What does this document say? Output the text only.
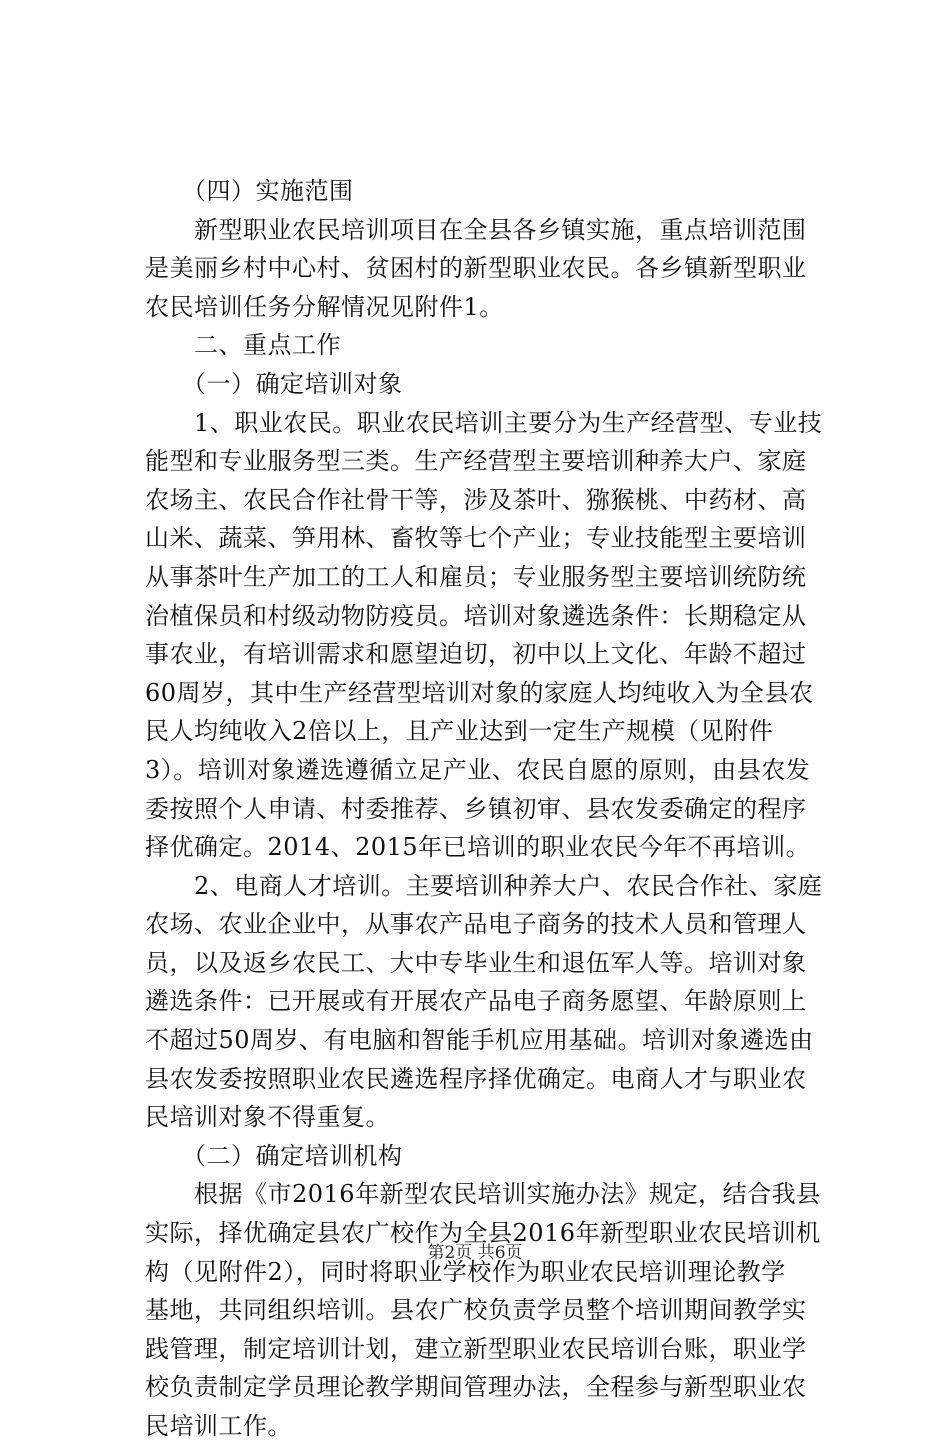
　　（四）实施范围
　　新型职业农民培训项目在全县各乡镇实施，重点培训范围
是美丽乡村中心村、贫困村的新型职业农民。各乡镇新型职业
农民培训任务分解情况见附件1。
　　二、重点工作
　　（一）确定培训对象
　　1、职业农民。职业农民培训主要分为生产经营型、专业技
能型和专业服务型三类。生产经营型主要培训种养大户、家庭
农场主、农民合作社骨干等，涉及茶叶、猕猴桃、中药材、高
山米、蔬菜、笋用林、畜牧等七个产业；专业技能型主要培训
从事茶叶生产加工的工人和雇员；专业服务型主要培训统防统
治植保员和村级动物防疫员。培训对象遴选条件：长期稳定从
事农业，有培训需求和愿望迫切，初中以上文化、年龄不超过
60周岁，其中生产经营型培训对象的家庭人均纯收入为全县农
民人均纯收入2倍以上，且产业达到一定生产规模（见附件
3）。培训对象遴选遵循立足产业、农民自愿的原则，由县农发
委按照个人申请、村委推荐、乡镇初审、县农发委确定的程序
择优确定。2014、2015年已培训的职业农民今年不再培训。
　　2、电商人才培训。主要培训种养大户、农民合作社、家庭
农场、农业企业中，从事农产品电子商务的技术人员和管理人
员，以及返乡农民工、大中专毕业生和退伍军人等。培训对象
遴选条件：已开展或有开展农产品电子商务愿望、年龄原则上
不超过50周岁、有电脑和智能手机应用基础。培训对象遴选由
县农发委按照职业农民遴选程序择优确定。电商人才与职业农
民培训对象不得重复。
　　（二）确定培训机构
　　根据《市2016年新型农民培训实施办法》规定，结合我县
实际，择优确定县农广校作为全县2016年新型职业农民培训机
构（见附件2），同时将职业学校作为职业农民培训理论教学
基地，共同组织培训。县农广校负责学员整个培训期间教学实
践管理，制定培训计划，建立新型职业农民培训台账，职业学
校负责制定学员理论教学期间管理办法，全程参与新型职业农
民培训工作。
第2页 共6页
